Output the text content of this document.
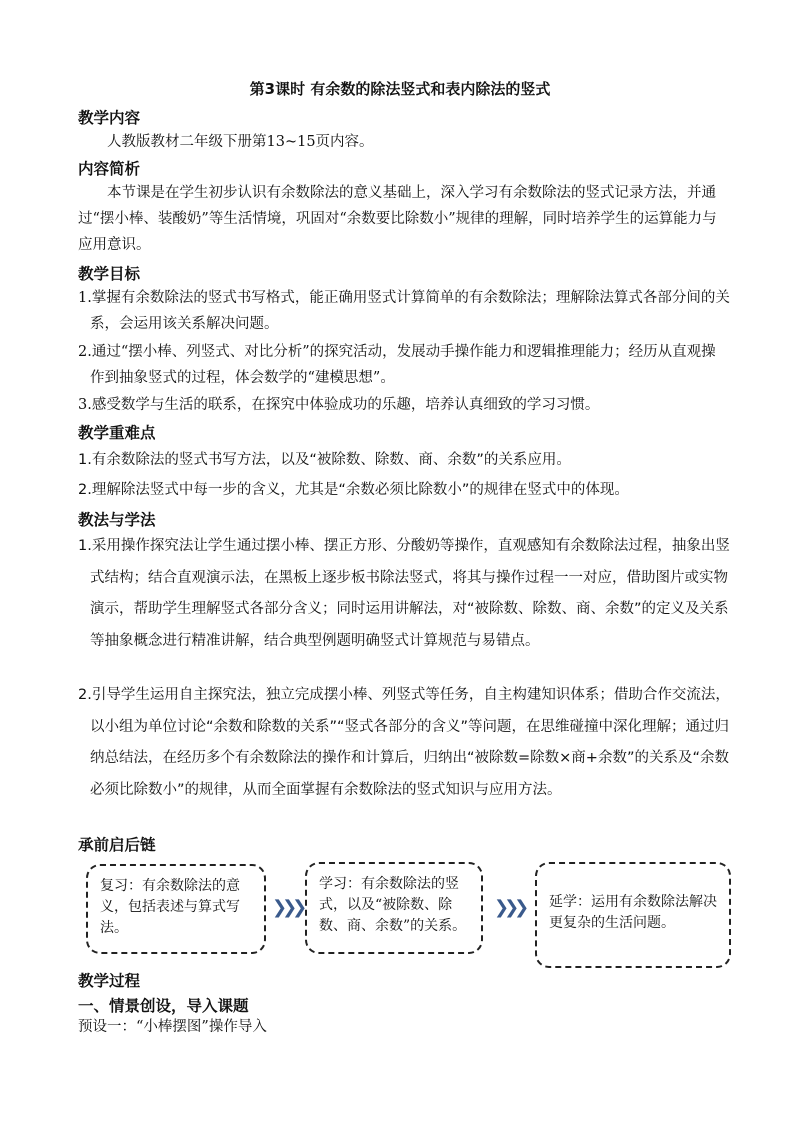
第3课时 有余数的除法竖式和表内除法的竖式
教学内容
人教版教材二年级下册第13~15页内容。
内容简析
本节课是在学生初步认识有余数除法的意义基础上，深入学习有余数除法的竖式记录方法，并通过“摆小棒、装酸奶”等生活情境，巩固对“余数要比除数小”规律的理解，同时培养学生的运算能力与应用意识。
教学目标
1.掌握有余数除法的竖式书写格式，能正确用竖式计算简单的有余数除法；理解除法算式各部分间的关系，会运用该关系解决问题。
2.通过“摆小棒、列竖式、对比分析”的探究活动，发展动手操作能力和逻辑推理能力；经历从直观操作到抽象竖式的过程，体会数学的“建模思想”。
3.感受数学与生活的联系，在探究中体验成功的乐趣，培养认真细致的学习习惯。
教学重难点
1.有余数除法的竖式书写方法，以及“被除数、除数、商、余数”的关系应用。
2.理解除法竖式中每一步的含义，尤其是“余数必须比除数小”的规律在竖式中的体现。
教法与学法
1.采用操作探究法让学生通过摆小棒、摆正方形、分酸奶等操作，直观感知有余数除法过程，抽象出竖式结构；结合直观演示法，在黑板上逐步板书除法竖式，将其与操作过程一一对应，借助图片或实物演示，帮助学生理解竖式各部分含义；同时运用讲解法，对“被除数、除数、商、余数”的定义及关系等抽象概念进行精准讲解，结合典型例题明确竖式计算规范与易错点。
2.引导学生运用自主探究法，独立完成摆小棒、列竖式等任务，自主构建知识体系；借助合作交流法，以小组为单位讨论“余数和除数的关系”“竖式各部分的含义”等问题，在思维碰撞中深化理解；通过归纳总结法，在经历多个有余数除法的操作和计算后，归纳出“被除数=除数×商+余数”的关系及“余数必须比除数小”的规律，从而全面掌握有余数除法的竖式知识与应用方法。
承前启后链
复习：有余数除法的意义，包括表述与算式写法。
❯❯❯
学习：有余数除法的竖式，以及“被除数、除数、商、余数”的关系。
❯❯❯	延学：运用有余数除法解决更复杂的生活问题。
教学过程
一、情景创设，导入课题
预设一：“小棒摆图”操作导入
